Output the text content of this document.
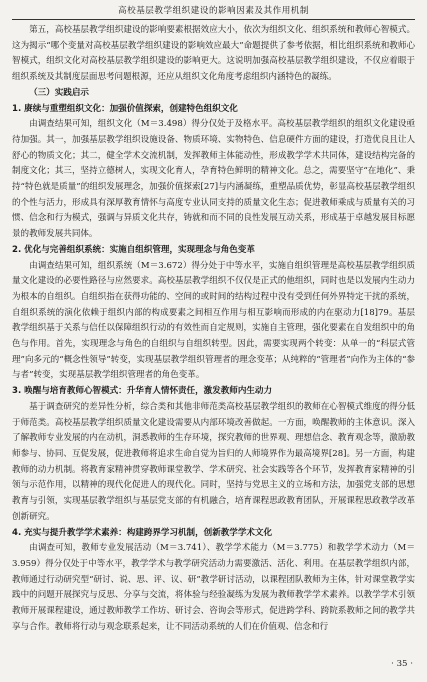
高校基层教学组织建设的影响因素及其作用机制

第五，高校基层教学组织建设的影响要素根据效应大小，依次为组织文化、组织系统和教师心智模式。这为揭示“哪个变量对高校基层教学组织建设的影响效应最大”命题提供了参考依据，相比组织系统和教师心智模式，组织文化对高校基层教学组织建设的影响更大。这说明加强高校基层教学组织建设，不仅应着眼于组织系统及其制度层面思考问题根源，还应从组织文化角度考虑组织内涵特色的凝练。

（三）实践启示

1. 赓续与重塑组织文化：加强价值探索，创建特色组织文化

由调查结果可知，组织文化（M＝3.498）得分仅处于及格水平。高校基层教学组织的组织文化建设亟待加强。其一，加强基层教学组织设施设备、物质环境、实物特色、信息硬件方面的建设，打造优良且让人舒心的物质文化；其二，健全学术交流机制，发挥教师主体能动性，形成教学学术共同体，建设结构完备的制度文化；其三，坚持立德树人，实现文化育人，孕育特色鲜明的精神文化。总之，需要坚守“在地化”、秉持“特色就是质量”的组织发展理念，加强价值探索[27]与内涵凝练，重塑品质优势，彰显高校基层教学组织的个性与活力，形成具有深厚教育情怀与高度专业认同支持的质量文化生态；促进教师乘成与质量有关的习惯、信念和行为模式，强调与异质文化共存，铸就和而不同的良性发展互动关系，形成基于卓越发展目标愿景的教师发展共同体。

2. 优化与完善组织系统：实施自组织管理，实现理念与角色变革

由调查结果可知，组织系统（M＝3.672）得分处于中等水平，实施自组织管理是高校基层教学组织质量文化建设的必要性路径与应然要求。高校基层教学组织不仅仅是正式的他组织，同时也是以发展内生动力为根本的自组织。自组织指在获得功能的、空间的或时间的结构过程中没有受到任何外界特定干扰的系统，自组织系统的演化依赖于组织内部的构成要素之间相互作用与相互影响而形成的内在驱动力[18]79。基层教学组织基于关系与信任以保障组织行动的有效性而自定规则，实施自主管理，强化要素在自发组织中的角色与作用。首先，实现理念与角色的自组织与自组织转型。因此，需要实现两个转变：从单一的“科层式管理”向多元的“概念性领导”转变，实现基层教学组织管理者的理念变革；从纯粹的“管理者”向作为主体的“参与者”转变，实现基层教学组织管理者的角色变革。

3. 唤醒与培育教师心智模式：升华育人情怀责任，激发教师内生动力

基于调查研究的差异性分析，综合类和其他非师范类高校基层教学组织的教师在心智模式维度的得分低于师范类。高校基层教学组织质量文化建设需要从内部环境改善做起。一方面，唤醒教师的主体意识。深入了解教师专业发展的内在动机，洞悉教师的生存环境，探究教师的世界观、理想信念、教育观念等，激励教师参与、协同、互促发展，促进教师将追求生命自觉为旨归的人师境界作为最高境界[28]。另一方面，构建教师的动力机制。将教育家精神贯穿教师课堂教学、学术研究、社会实践等各个环节，发挥教育家精神的引领与示范作用，以精神的现代化促进人的现代化。同时，坚持与党思主义的立场和方法，加强党支部的思想教育与引领，实现基层教学组织与基层党支部的有机融合，培育课程思政教育团队，开展课程思政教学改革创新研究。

4. 充实与提升教学学术素养：构建跨界学习机制，创新教学学术文化

由调查可知，教师专业发展活动（M＝3.741）、教学学术能力（M＝3.775）和教学学术动力（M＝3.959）得分仅处于中等水平，教学学术与教学研究活动力需要激活、活化、利用。在基层教学组织内部，教师通过行动研究型“研讨、说、思、评、议、研”教学研讨活动，以课程团队教师为主体，针对课堂教学实践中的问题开展探究与反思、分享与交流，将体验与经验凝练为发展为教师教学学术素养。以教学学术引领教师开展课程建设，通过教师教学工作坊、研讨会、咨询会等形式，促进跨学科、跨院系教师之间的教学共享与合作。教师将行动与观念联系起来，让不同活动系统的人们在价值观、信念和行

· 35 ·
